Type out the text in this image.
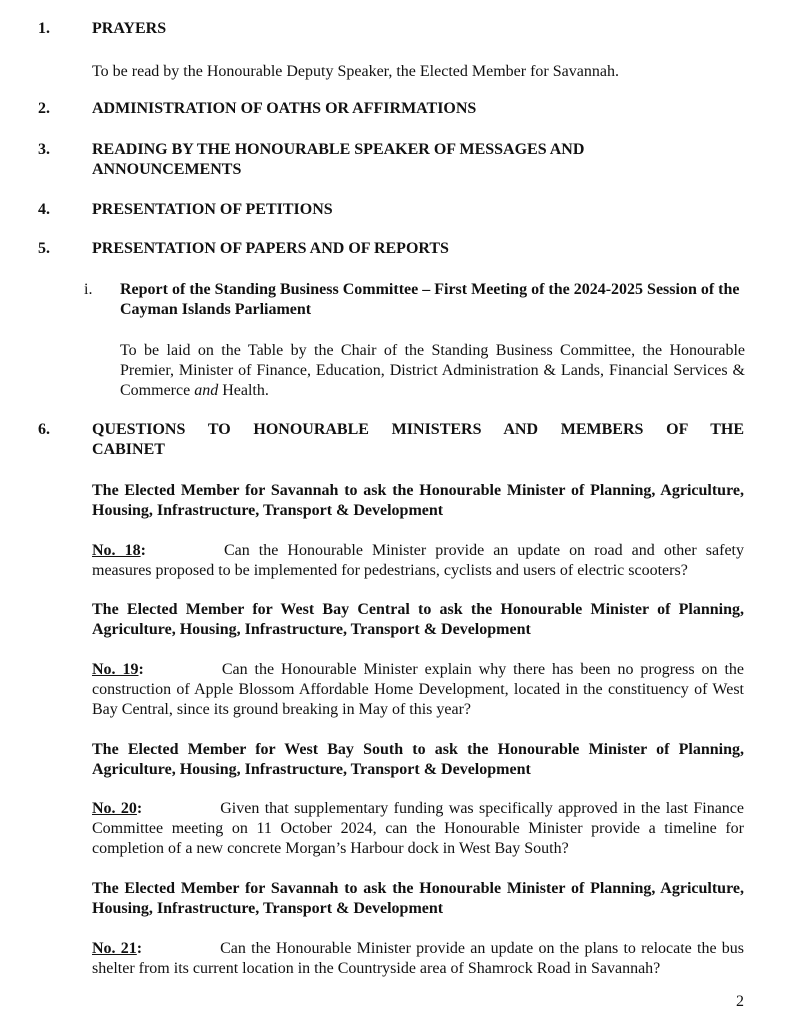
1.	PRAYERS
To be read by the Honourable Deputy Speaker, the Elected Member for Savannah.
2.	ADMINISTRATION OF OATHS OR AFFIRMATIONS
3.	READING BY THE HONOURABLE SPEAKER OF MESSAGES AND
ANNOUNCEMENTS
4.	PRESENTATION OF PETITIONS
5.	PRESENTATION OF PAPERS AND OF REPORTS
i. Report of the Standing Business Committee – First Meeting of the 2024-2025 Session of the Cayman Islands Parliament
To be laid on the Table by the Chair of the Standing Business Committee, the Honourable Premier, Minister of Finance, Education, District Administration & Lands, Financial Services & Commerce and Health.
6.	QUESTIONS TO HONOURABLE MINISTERS AND MEMBERS OF THE
CABINET
The Elected Member for Savannah to ask the Honourable Minister of Planning, Agriculture, Housing, Infrastructure, Transport & Development
No. 18:	Can the Honourable Minister provide an update on road and other safety measures proposed to be implemented for pedestrians, cyclists and users of electric scooters?
The Elected Member for West Bay Central to ask the Honourable Minister of Planning, Agriculture, Housing, Infrastructure, Transport & Development
No. 19:	Can the Honourable Minister explain why there has been no progress on the construction of Apple Blossom Affordable Home Development, located in the constituency of West Bay Central, since its ground breaking in May of this year?
The Elected Member for West Bay South to ask the Honourable Minister of Planning, Agriculture, Housing, Infrastructure, Transport & Development
No. 20:	Given that supplementary funding was specifically approved in the last Finance Committee meeting on 11 October 2024, can the Honourable Minister provide a timeline for completion of a new concrete Morgan’s Harbour dock in West Bay South?
The Elected Member for Savannah to ask the Honourable Minister of Planning, Agriculture, Housing, Infrastructure, Transport & Development
No. 21:	Can the Honourable Minister provide an update on the plans to relocate the bus shelter from its current location in the Countryside area of Shamrock Road in Savannah?
2
